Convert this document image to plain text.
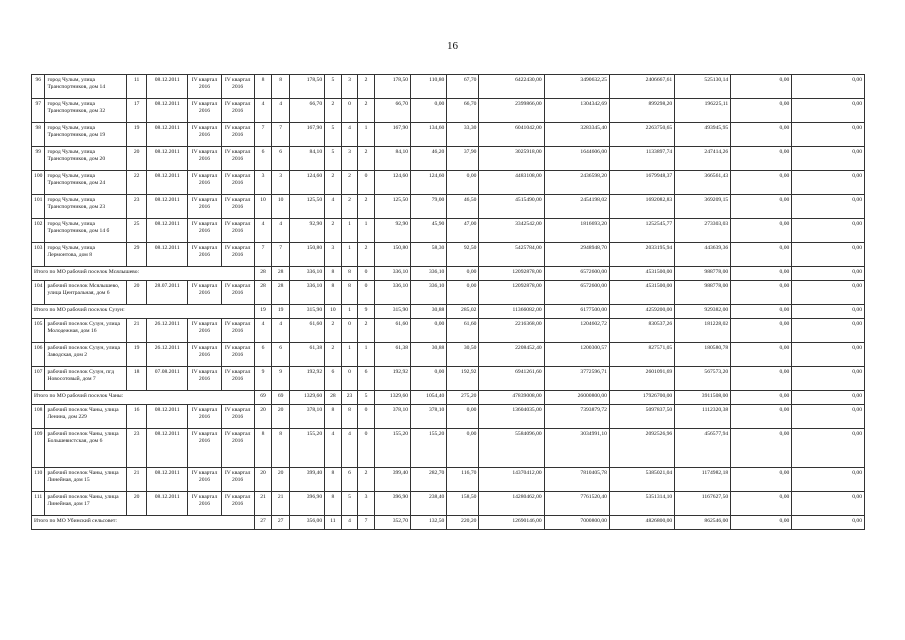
16
96	город Чулым, улица Транспортников, дом 14	11	08.12.2011	IV квартал 2016	IV квартал 2016	8	8	178,50	5	3	2	178,50	110,80	67,70	6422430,00	3490632,25	2406667,61	525130,14	0,00	0,00
97	город Чулым, улица Транспортников, дом 32	17	08.12.2011	IV квартал 2016	IV квартал 2016	4	4	66,70	2	0	2	66,70	0,00	66,70	2399866,00	1304342,69	899298,20	196225,11	0,00	0,00
98	город Чулым, улица Транспортников, дом 19	19	08.12.2011	IV квартал 2016	IV квартал 2016	7	7	167,90	5	4	1	167,90	134,60	33,30	6041042,00	3283345,40	2263750,65	493945,95	0,00	0,00
99	город Чулым, улица Транспортников, дом 20	20	08.12.2011	IV квартал 2016	IV квартал 2016	6	6	84,10	5	3	2	84,10	46,20	37,90	3025918,00	1644606,00	1133897,74	247414,26	0,00	0,00
100	город Чулым, улица Транспортников, дом 24	22	08.12.2011	IV квартал 2016	IV квартал 2016	3	3	124,60	2	2	0	124,60	124,60	0,00	4483108,00	2436598,20	1679948,37	366561,43	0,00	0,00
101	город Чулым, улица Транспортников, дом 23	23	08.12.2011	IV квартал 2016	IV квартал 2016	10	10	125,50	4	2	2	125,50	79,00	46,50	4515490,00	2454198,02	1692082,83	369209,15	0,00	0,00
102	город Чулым, улица Транспортников, дом 14 б	25	08.12.2011	IV квартал 2016	IV квартал 2016	4	4	92,90	2	1	1	92,90	45,90	47,00	3342542,00	1816693,20	1252545,77	273303,03	0,00	0,00
103	город Чулым, улица Лермонтова, дом 8	29	08.12.2011	IV квартал 2016	IV квартал 2016	7	7	150,80	3	1	2	150,80	58,30	92,50	5425784,00	2948948,70	2033195,94	443639,36	0,00	0,00
Итого по МО рабочий поселок Мсялышево:						28	28	336,10	8	8	0	336,10	336,10	0,00	12092878,00	6572600,00	4531500,00	988778,00	0,00	0,00
104	рабочий поселок Мсялышево, улица Центральная, дом 6	20	28.07.2011	IV квартал 2016	IV квартал 2016	28	28	336,10	8	8	0	336,10	336,10	0,00	12092878,00	6572600,00	4531500,00	988778,00	0,00	0,00
Итого по МО рабочий поселок Сузун:						19	19	315,90	10	1	9	315,90	30,88	285,02	11366082,00	6177500,00	4259200,00	929382,00	0,00	0,00
105	рабочий поселок Сузун, улица Молодежная, дом 16	21	26.12.2011	IV квартал 2016	IV квартал 2016	4	4	61,60	2	0	2	61,60	0,00	61,60	2216368,00	1204602,72	830537,26	181228,02	0,00	0,00
106	рабочий поселок Сузун, улица Заводская, дом 2	19	26.12.2011	IV квартал 2016	IV квартал 2016	6	6	61,38	2	1	1	61,38	30,88	30,50	2208452,40	1200300,57	827571,05	180580,78	0,00	0,00
107	рабочий поселок Сузун, пгд Новосотовый, дом 7	18	07.08.2011	IV квартал 2016	IV квартал 2016	9	9	192,92	6	0	6	192,92	0,00	192,92	6941261,60	3772596,71	2601091,69	567573,20	0,00	0,00
Итого по МО рабочий поселок Чаны:						69	69	1329,60	28	23	5	1329,60	1054,40	275,20	47839008,00	26000800,00	17926700,00	3911508,00	0,00	0,00
108	рабочий поселок Чаны, улица Ленина, дом 229	16	08.12.2011	IV квартал 2016	IV квартал 2016	20	20	378,10	8	8	0	378,10	378,10	0,00	13604035,00	7393879,72	5097837,50	1112320,38	0,00	0,00
109	рабочий поселок Чаны, улица Большевистская, дом 6	23	08.12.2011	IV квартал 2016	IV квартал 2016	8	8	155,20	4	4	0	155,20	155,20	0,00	5584096,00	3034991,10	2092526,96	456577,94	0,00	0,00
110	рабочий поселок Чаны, улица Линейная, дом 15	21	08.12.2011	IV квартал 2016	IV квартал 2016	20	20	399,40	8	6	2	399,40	282,70	116,70	14370412,00	7810405,78	5385021,04	1174982,18	0,00	0,00
111	рабочий поселок Чаны, улица Линейная, дом 17	20	08.12.2011	IV квартал 2016	IV квартал 2016	21	21	396,90	8	5	3	396,90	238,40	158,50	14280462,00	7761520,40	5351314,10	1167627,50	0,00	0,00
Итого по МО Убинский сельсовет:						27	27	356,00	11	4	7	352,70	132,50	220,20	12690146,00	7000800,00	4826800,00	862546,00	0,00	0,00
